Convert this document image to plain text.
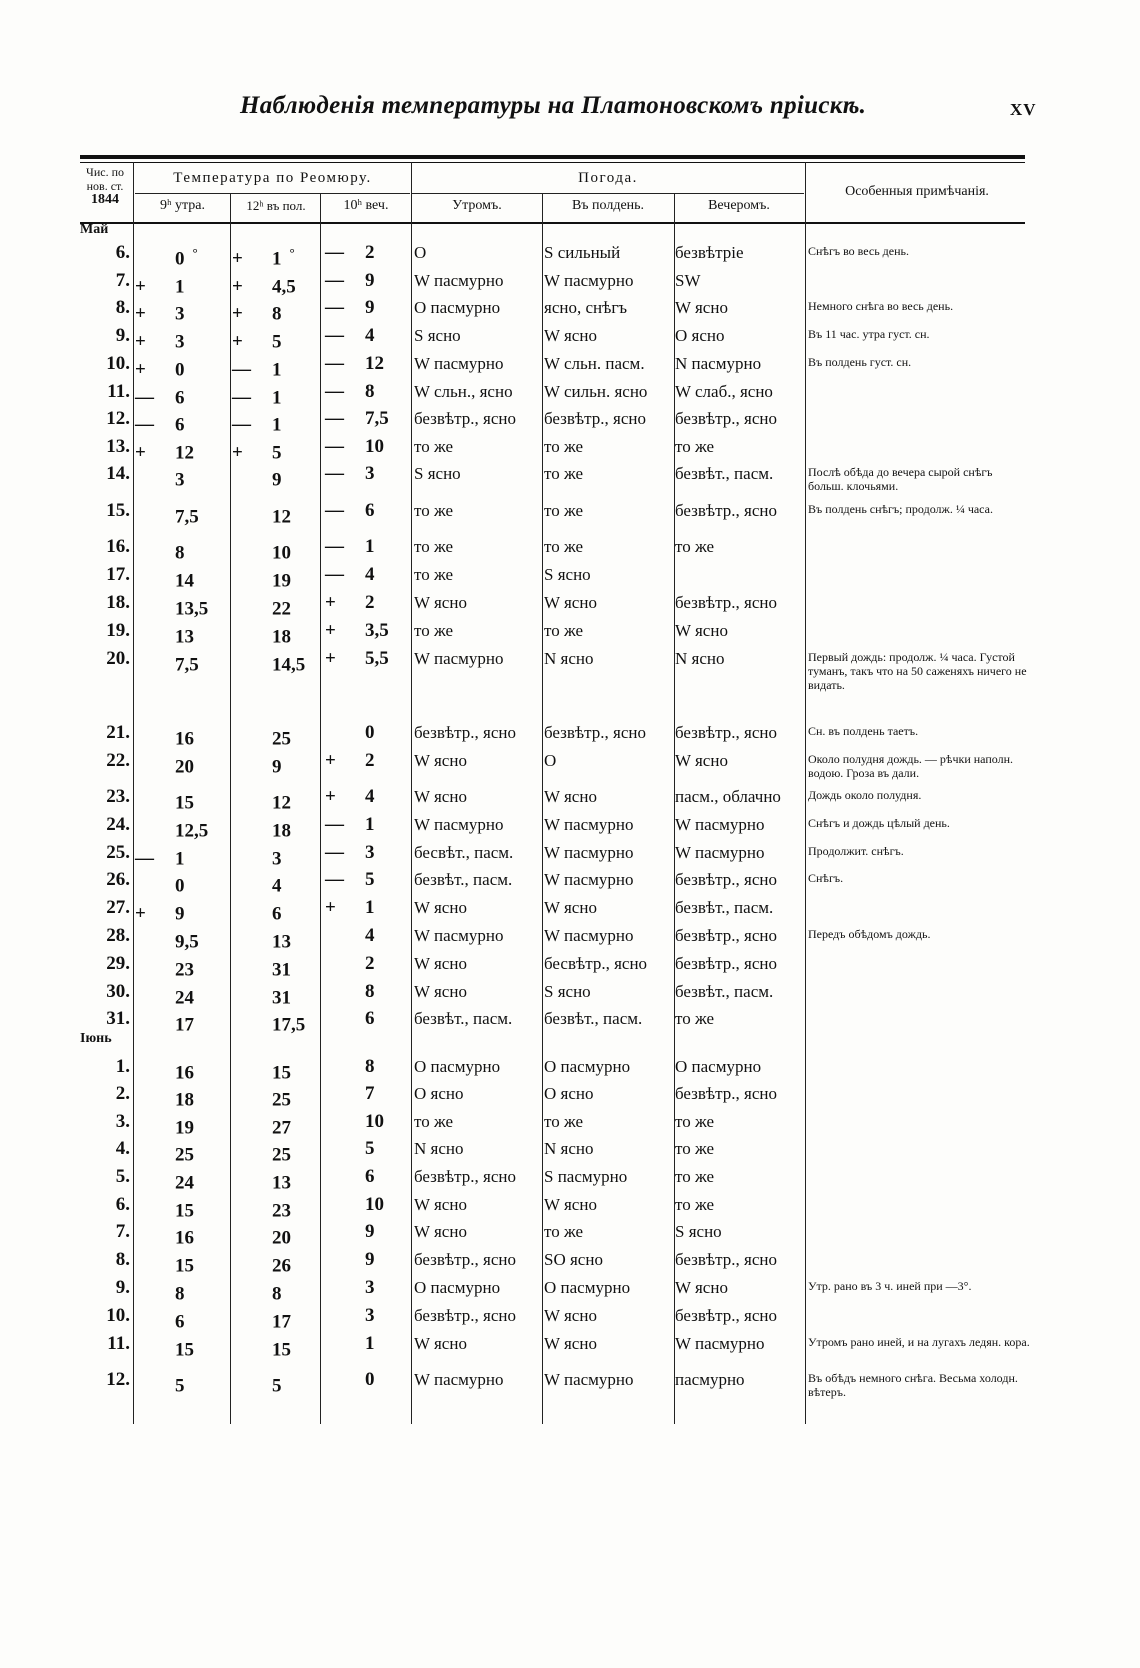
Наблюденія температуры на Платоновскомъ пріискѣ.	XV
Чис. по
нов. ст.
1844
Температура по Реомюру.
9ʰ утра.	12ʰ въ пол.	10ʰ веч.
Погода.
Утромъ.	Въ полдень.	Вечеромъ.
Особенныя примѣчанія.
Май
Іюнь
6.	0 °	+ 1 °	— 2	O	S сильный	безвѣтріе	Снѣгъ во весь день.
7. + 1	+ 4,5	— 9	W пасмурно	W пасмурно	SW
8. + 3	+ 8	— 9	O пасмурно	ясно, снѣгъ	W ясно	Немного снѣга во весь день.
9. + 3	+ 5	— 4	S ясно	W ясно	O ясно	Въ 11 час. утра густ. сн.
10. + 0	— 1	— 12	W пасмурно	W сльн. пасм.	N пасмурно	Въ полдень густ. сн.
11. — 6	— 1	— 8	W сльн., ясно	W сильн. ясно	W слаб., ясно
12. — 6	— 1	— 7,5	безвѣтр., ясно	безвѣтр., ясно	безвѣтр., ясно
13. + 12	+ 5	— 10	то же	то же	то же
14.	3	9	— 3	S ясно	то же	безвѣт., пасм.	Послѣ обѣда до вечера сырой снѣгъ больш. клочьями.
15.	7,5	12	— 6	то же	то же	безвѣтр., ясно	Въ полдень снѣгъ; продолж. ¼ часа.
16.	8	10	— 1	то же	то же	то же
17.	14	19	— 4	то же	S ясно
18.	13,5	22	+ 2	W ясно	W ясно	безвѣтр., ясно
19.	13	18	+ 3,5	то же	то же	W ясно
20.	7,5	14,5	+ 5,5	W пасмурно	N ясно	N ясно	Первый дождь: продолж. ¼ часа. Густой туманъ, такъ что на 50 саженяхъ ничего не видать.
21.	16	25	0	безвѣтр., ясно	безвѣтр., ясно	безвѣтр., ясно	Сн. въ полдень таетъ.
22.	20	9	+ 2	W ясно	O	W ясно	Около полудня дождь. — рѣчки наполн. водою. Гроза въ дали.
23.	15	12	+ 4	W ясно	W ясно	пасм., облачно	Дождь около полудня.
24.	12,5	18	— 1	W пасмурно	W пасмурно	W пасмурно	Снѣгъ и дождь цѣлый день.
25. — 1	3	— 3	бесвѣт., пасм.	W пасмурно	W пасмурно	Продолжит. снѣгъ.
26.	0	4	— 5	безвѣт., пасм.	W пасмурно	безвѣтр., ясно	Снѣгъ.
27. + 9	6	+ 1	W ясно	W ясно	безвѣт., пасм.
28.	9,5	13	4	W пасмурно	W пасмурно	безвѣтр., ясно	Передъ обѣдомъ дождь.
29.	23	31	2	W ясно	бесвѣтр., ясно	безвѣтр., ясно
30.	24	31	8	W ясно	S ясно	безвѣт., пасм.
31.	17	17,5	6	безвѣт., пасм.	безвѣт., пасм.	то же
1.	16	15	8	O пасмурно	O пасмурно	O пасмурно
2.	18	25	7	O ясно	O ясно	безвѣтр., ясно
3.	19	27	10	то же	то же	то же
4.	25	25	5	N ясно	N ясно	то же
5.	24	13	6	безвѣтр., ясно	S пасмурно	то же
6.	15	23	10	W ясно	W ясно	то же
7.	16	20	9	W ясно	то же	S ясно
8.	15	26	9	безвѣтр., ясно	SO ясно	безвѣтр., ясно
9.	8	8	3	O пасмурно	O пасмурно	W ясно	Утр. рано въ 3 ч. иней при —3°.
10.	6	17	3	безвѣтр., ясно	W ясно	безвѣтр., ясно
11.	15	15	1	W ясно	W ясно	W пасмурно	Утромъ рано иней, и на лугахъ ледян. кора.
12.	5	5	0	W пасмурно	W пасмурно	пасмурно	Въ обѣдъ немного снѣга. Весьма холодн. вѣтеръ.
